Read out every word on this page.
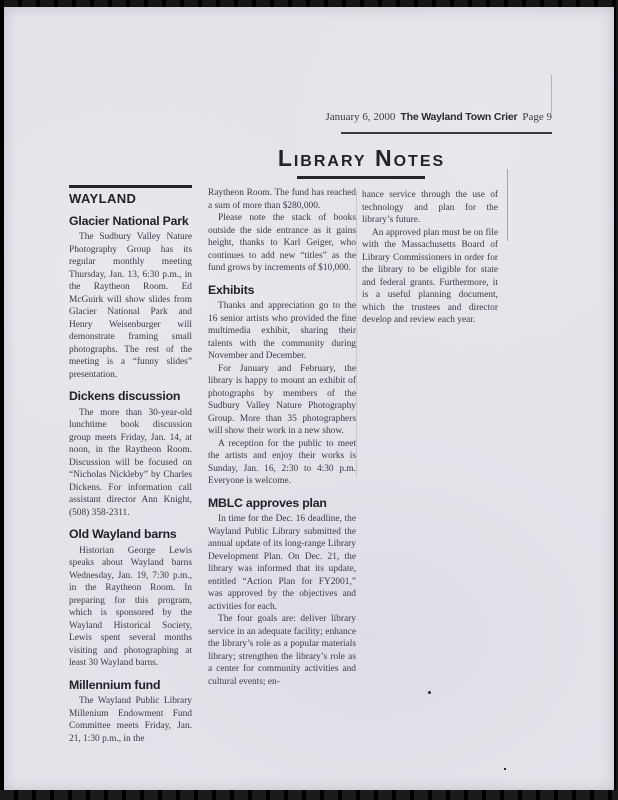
January 6, 2000 The Wayland Town Crier Page 9
Library Notes
WAYLAND
Glacier National Park

The Sudbury Valley Nature Photography Group has its regular monthly meeting Thursday, Jan. 13, 6:30 p.m., in the Raytheon Room. Ed McGuirk will show slides from Glacier National Park and Henry Weisenburger will demonstrate framing small photographs. The rest of the meeting is a “funny slides” presentation.

Dickens discussion

The more than 30-year-old lunchtime book discussion group meets Friday, Jan. 14, at noon, in the Raytheon Room. Discussion will be focused on “Nicholas Nickleby” by Charles Dickens. For information call assistant director Ann Knight, (508) 358-2311.

Old Wayland barns

Historian George Lewis speaks about Wayland barns Wednesday, Jan. 19, 7:30 p.m., in the Raytheon Room. In preparing for this program, which is sponsored by the Wayland Historical Society, Lewis spent several months visiting and photographing at least 30 Wayland barns.

Millennium fund

The Wayland Public Library Millenium Endowment Fund Committee meets Friday, Jan. 21, 1:30 p.m., in the

Raytheon Room. The fund has reached a sum of more than $280,000.

Please note the stack of books outside the side entrance as it gains height, thanks to Karl Geiger, who continues to add new “titles” as the fund grows by increments of $10,000.

Exhibits

Thanks and appreciation go to the 16 senior artists who provided the fine multimedia exhibit, sharing their talents with the community during November and December.

For January and February, the library is happy to mount an exhibit of photographs by members of the Sudbury Valley Nature Photography Group. More than 35 photographers will show their work in a new show.

A reception for the public to meet the artists and enjoy their works is Sunday, Jan. 16, 2:30 to 4:30 p.m. Everyone is welcome.

MBLC approves plan

In time for the Dec. 16 deadline, the Wayland Public Library submitted the annual update of its long-range Library Development Plan. On Dec. 21, the library was informed that its update, entitled “Action Plan for FY2001,” was approved by the objectives and activities for each.

The four goals are: deliver library service in an adequate facility; enhance the library’s role as a popular materials library; strengthen the library’s role as a center for community activities and cultural events; en-

hance service through the use of technology and plan for the library’s future.

An approved plan must be on file with the Massachusetts Board of Library Commissioners in order for the library to be eligible for state and federal grants. Furthermore, it is a useful planning document, which the trustees and director develop and review each year.
